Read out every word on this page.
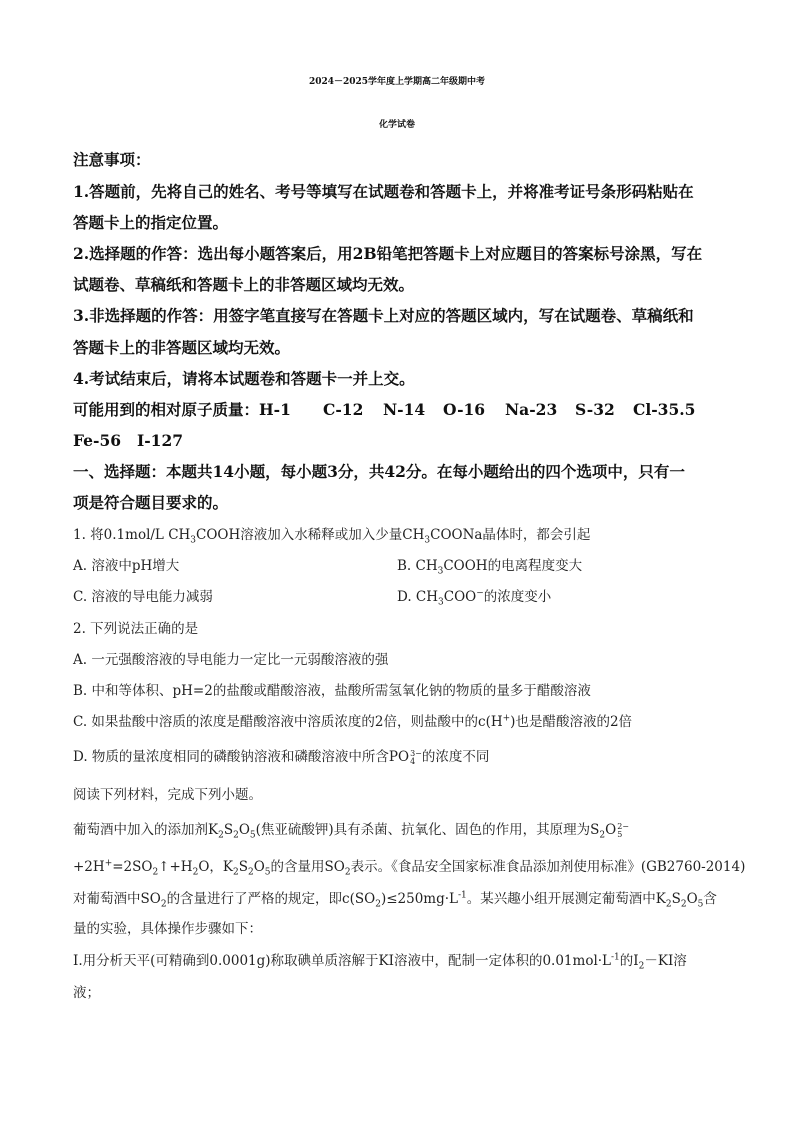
2024－2025学年度上学期高二年级期中考
化学试卷
注意事项：
1.答题前，先将自己的姓名、考号等填写在试题卷和答题卡上，并将准考证号条形码粘贴在
答题卡上的指定位置。
2.选择题的作答：选出每小题答案后，用2B铅笔把答题卡上对应题目的答案标号涂黑，写在
试题卷、草稿纸和答题卡上的非答题区域均无效。
3.非选择题的作答：用签字笔直接写在答题卡上对应的答题区域内，写在试题卷、草稿纸和
答题卡上的非答题区域均无效。
4.考试结束后，请将本试题卷和答题卡一并上交。
可能用到的相对原子质量：H-1 C-12 N-14 O-16 Na-23 S-32 Cl-35.5
Fe-56 I-127
一、选择题：本题共14小题，每小题3分，共42分。在每小题给出的四个选项中，只有一
项是符合题目要求的。
1. 将0.1mol/L $CH_3COOH$溶液加入水稀释或加入少量$CH_3COONa$晶体时，都会引起
A. 溶液中pH增大	B. $CH_3COOH$的电离程度变大
C. 溶液的导电能力减弱	D. $CH_3COO^-$的浓度变小
2. 下列说法正确的是
A. 一元强酸溶液的导电能力一定比一元弱酸溶液的强
B. 中和等体积、pH=2的盐酸或醋酸溶液，盐酸所需氢氧化钠的物质的量多于醋酸溶液
C. 如果盐酸中溶质的浓度是醋酸溶液中溶质浓度的2倍，则盐酸中的c(H+)也是醋酸溶液的2倍
D. 物质的量浓度相同的磷酸钠溶液和磷酸溶液中所含PO 3−
4 的浓度不同
阅读下列材料，完成下列小题。
葡萄酒中加入的添加剂$K_2S_2O_5$(焦亚硫酸钾)具有杀菌、抗氧化、固色的作用，其原理为$S_2O$ 2−
5
$+2H^+=2SO_2↑+H_2O$，$K_2S_2O_5$的含量用$SO_2$表示。《食品安全国家标准食品添加剂使用标准》(GB2760-2014)
对葡萄酒中$SO_2$的含量进行了严格的规定，即$c(SO_2)\le 250mg\cdot L^{-1}$。某兴趣小组开展测定葡萄酒中$K_2S_2O_5$含
量的实验，具体操作步骤如下：
I.用分析天平(可精确到0.0001g)称取碘单质溶解于KI溶液中，配制一定体积的$0.01mol\cdot L^{-1}$的$I_2-KI$溶
液；
